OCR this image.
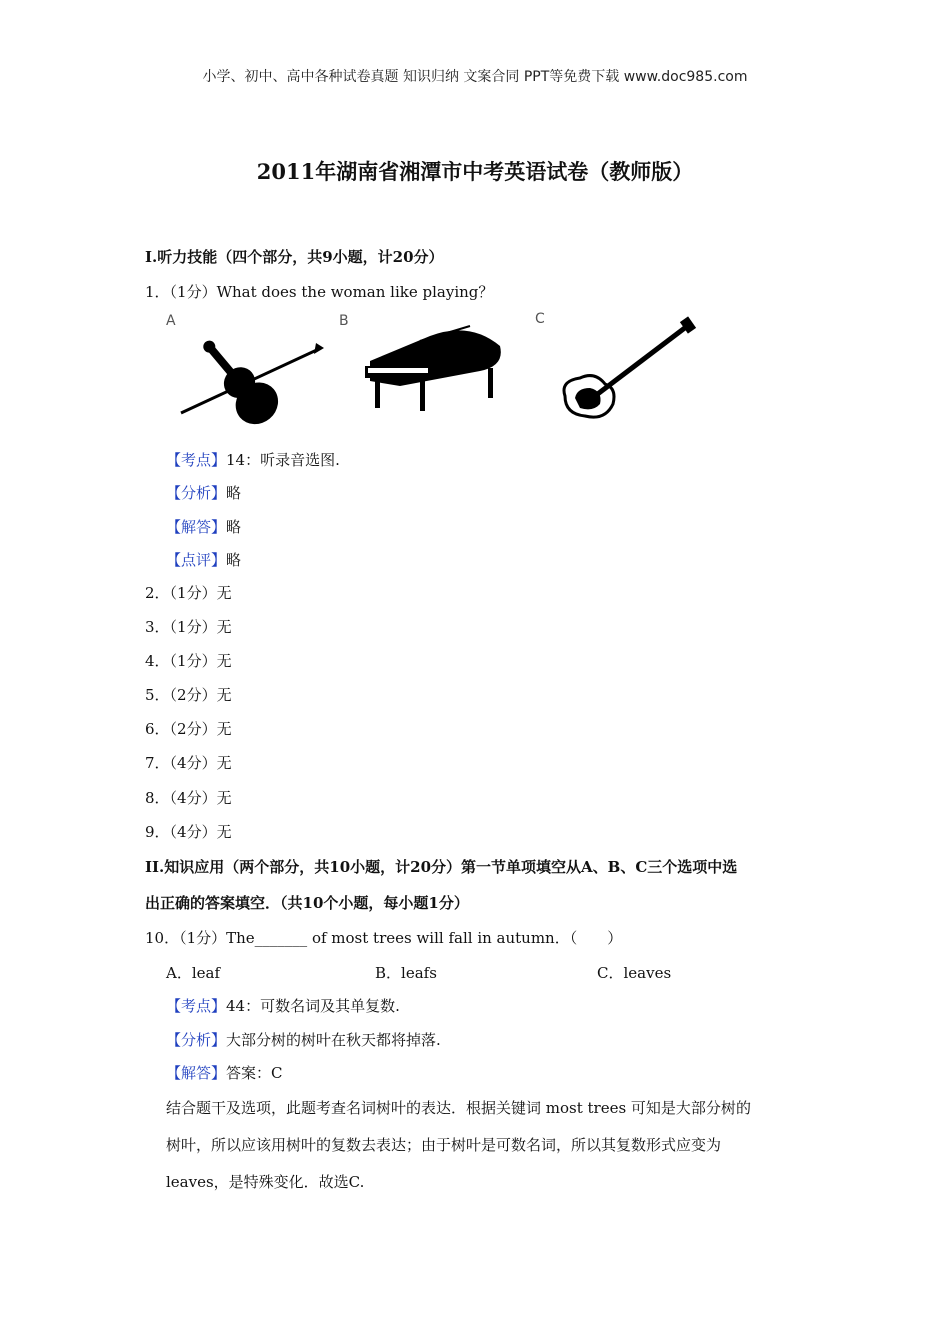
小学、初中、高中各种试卷真题 知识归纳 文案合同 PPT等免费下载 www.doc985.com
2011年湖南省湘潭市中考英语试卷（教师版）
I.听力技能（四个部分，共9小题，计20分）
1．（1分）What does the woman like playing？
A	B	C
【考点】14：听录音选图.
【分析】略
【解答】略
【点评】略
2．（1分）无
3．（1分）无
4．（1分）无
5．（2分）无
6．（2分）无
7．（4分）无
8．（4分）无
9．（4分）无
II.知识应用（两个部分，共10小题，计20分）第一节单项填空从A、B、C三个选项中选
出正确的答案填空．（共10个小题，每小题1分）
10．（1分）The_______ of most trees will fall in autumn．（　　）
A．leaf	B．leafs	C．leaves
【考点】44：可数名词及其单复数.
【分析】大部分树的树叶在秋天都将掉落.
【解答】答案：C
结合题干及选项，此题考查名词树叶的表达．根据关键词 most trees 可知是大部分树的
树叶，所以应该用树叶的复数去表达；由于树叶是可数名词，所以其复数形式应变为
leaves，是特殊变化．故选C.
